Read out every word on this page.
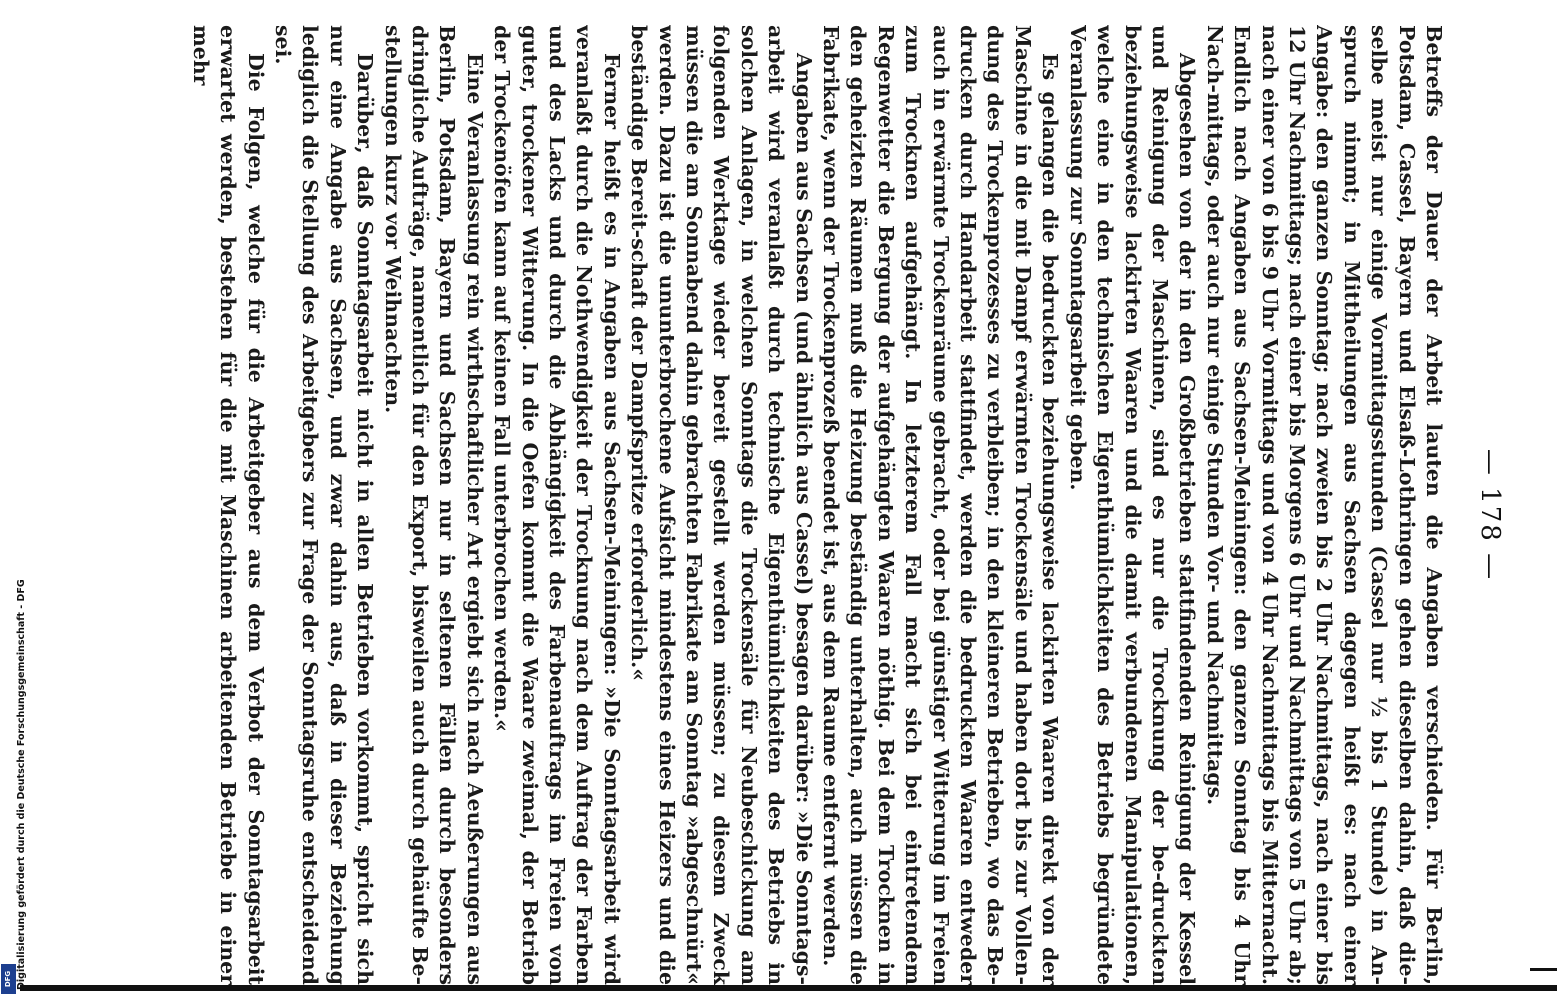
— 178 —

Betreffs der Dauer der Arbeit lauten die Angaben verschieden. Für Berlin, Potsdam, Cassel, Bayern und Elsaß-Lothringen gehen dieselben dahin, daß die-selbe meist nur einige Vormittagsstunden (Cassel nur ½ bis 1 Stunde) in An-spruch nimmt; in Mittheilungen aus Sachsen dagegen heißt es: nach einer Angabe: den ganzen Sonntag; nach zweien bis 2 Uhr Nachmittags, nach einer bis 12 Uhr Nachmittags; nach einer bis Morgens 6 Uhr und Nachmittags von 5 Uhr ab; nach einer von 6 bis 9 Uhr Vormittags und von 4 Uhr Nachmittags bis Mitternacht. Endlich nach Angaben aus Sachsen-Meiningen: den ganzen Sonntag bis 4 Uhr Nach-mittags, oder auch nur einige Stunden Vor- und Nachmittags.

Abgesehen von der in den Großbetrieben stattfindenden Reinigung der Kessel und Reinigung der Maschinen, sind es nur die Trocknung der be-druckten beziehungsweise lackirten Waaren und die damit verbundenen Manipulationen, welche eine in den technischen Eigenthümlichkeiten des Betriebs begründete Veranlassung zur Sonntagsarbeit geben.

Es gelangen die bedruckten beziehungsweise lackirten Waaren direkt von der Maschine in die mit Dampf erwärmten Trockensäle und haben dort bis zur Vollen-dung des Trockenprozesses zu verbleiben; in den kleineren Betrieben, wo das Be-drucken durch Handarbeit stattfindet, werden die bedruckten Waaren entweder auch in erwärmte Trockenräume gebracht, oder bei günstiger Witterung im Freien zum Trocknen aufgehängt. In letzterem Fall macht sich bei eintretendem Regenwetter die Bergung der aufgehängten Waaren nöthig. Bei dem Trocknen in den geheizten Räumen muß die Heizung beständig unterhalten, auch müssen die Fabrikate, wenn der Trockenprozeß beendet ist, aus dem Raume entfernt werden.

Angaben aus Sachsen (und ähnlich aus Cassel) besagen darüber: »Die Sonntags-arbeit wird veranlaßt durch technische Eigenthümlichkeiten des Betriebs in solchen Anlagen, in welchen Sonntags die Trockensäle für Neubeschickung am folgenden Werktage wieder bereit gestellt werden müssen; zu diesem Zweck müssen die am Sonnabend dahin gebrachten Fabrikate am Sonntag »abgeschnürt« werden. Dazu ist die ununterbrochene Aufsicht mindestens eines Heizers und die beständige Bereit-schaft der Dampfspritze erforderlich.«

Ferner heißt es in Angaben aus Sachsen-Meiningen: »Die Sonntagsarbeit wird veranlaßt durch die Nothwendigkeit der Trocknung nach dem Auftrag der Farben und des Lacks und durch die Abhängigkeit des Farbenauftrags im Freien von guter, trockener Witterung. In die Oefen kommt die Waare zweimal, der Betrieb der Trockenöfen kann auf keinen Fall unterbrochen werden.«

Eine Veranlassung rein wirthschaftlicher Art ergiebt sich nach Aeußerungen aus Berlin, Potsdam, Bayern und Sachsen nur in seltenen Fällen durch besonders dringliche Aufträge, namentlich für den Export, bisweilen auch durch gehäufte Be-stellungen kurz vor Weihnachten.

Darüber, daß Sonntagsarbeit nicht in allen Betrieben vorkommt, spricht sich nur eine Angabe aus Sachsen, und zwar dahin aus, daß in dieser Beziehung lediglich die Stellung des Arbeitgebers zur Frage der Sonntagsruhe entscheidend sei.

Die Folgen, welche für die Arbeitgeber aus dem Verbot der Sonntagsarbeit erwartet werden, bestehen für die mit Maschinen arbeitenden Betriebe in einer mehr

Digitalisierung gefördert durch die Deutsche Forschungsgemeinschaft - DFG
DFG
